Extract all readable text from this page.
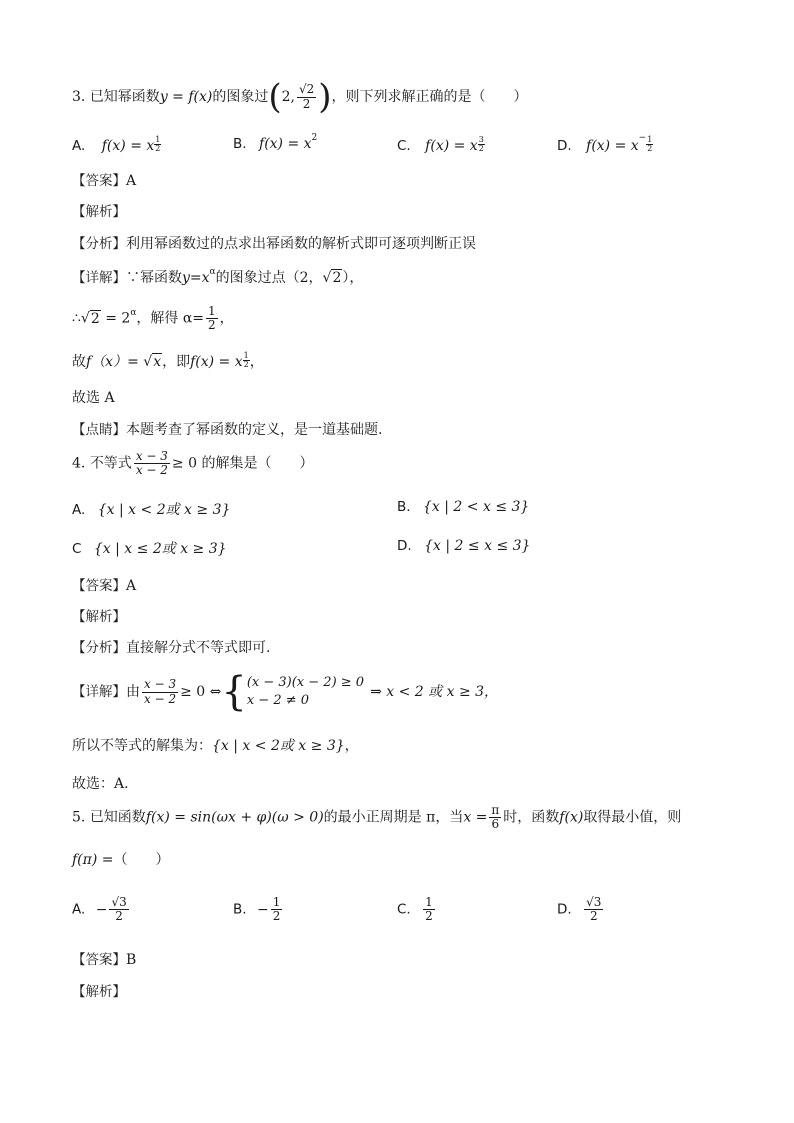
3. 已知幂函数y = f(x)的图象过(2, $\frac{√2}{2}$ )，则下列求解正确的是（　　）
A. f(x) = x $\frac{1}{2}$	B. $f(x) = x^2$	C. f(x) = x $\frac{3}{2}$	D. $f(x) = x^- \frac{1}{2}$
【答案】A
【解析】
【分析】利用幂函数过的点求出幂函数的解析式即可逐项判断正误
【详解】∵幂函数$y=x^\alpha$的图象过点（2，√2），
∴√2 = $2^\alpha$，解得 $\alpha= \frac{1}{2}$ ，
故f（x）= √x，即f(x) = x $\frac{1}{2}$ ，
故选 A
【点睛】本题考查了幂函数的定义，是一道基础题.
4. 不等式 $\frac{x - 3}{x - 2} \ge 0$ 的解集是（　　）
A. {x | x < 2或 x ≥ 3}	B. {x | 2 < x ≤ 3}
C {x | x ≤ 2或 x ≥ 3}	D. {x | 2 ≤ x ≤ 3}
【答案】A
【解析】
【分析】直接解分式不等式即可.
【详解】由 $\frac{x - 3}{x - 2} \ge 0$ ⇔{ (x − 3)(x − 2) ≥ 0
x − 2 ≠ 0
⇒ x < 2 或 x ≥ 3，
所以不等式的解集为：{x | x < 2或 x ≥ 3}，
故选：A.
5. 已知函数f(x) = sin(ωx + φ)(ω > 0)的最小正周期是 π，当$x = \frac{\pi}{6}$ 时，函数f(x)取得最小值，则
f(π) =（　　）
A. − $\frac{√3}{2}$	B. − $\frac{1}{2}$	C. $\frac{1}{2}$	D. $\frac{√3}{2}$
【答案】B
【解析】
